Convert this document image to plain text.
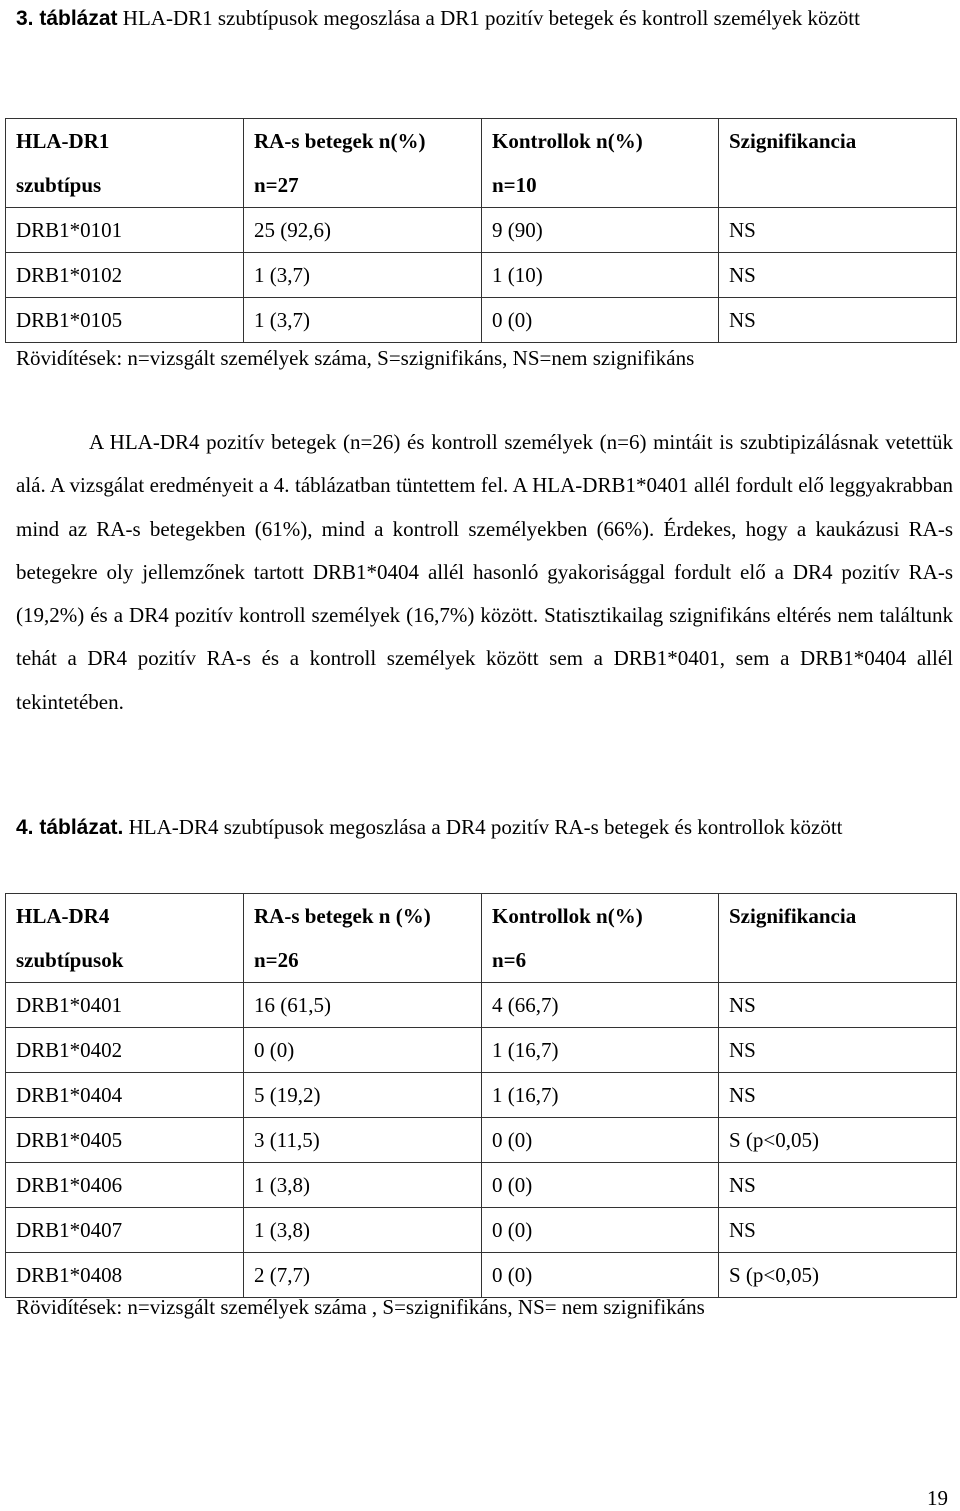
3. táblázat HLA-DR1 szubtípusok megoszlása a DR1 pozitív betegek és kontroll személyek között
HLA-DR1	RA-s betegek n(%)	Kontrollok n(%)	Szignifikancia
szubtípus	n=27	n=10	
DRB1*0101	25 (92,6)	9 (90)	NS
DRB1*0102	1 (3,7)	1 (10)	NS
DRB1*0105	1 (3,7)	0 (0)	NS
Rövidítések: n=vizsgált személyek száma, S=szignifikáns, NS=nem szignifikáns
A HLA-DR4 pozitív betegek (n=26) és kontroll személyek (n=6) mintáit is szubtipizálásnak vetettük alá. A vizsgálat eredményeit a 4. táblázatban tüntettem fel. A HLA-DRB1*0401 allél fordult elő leggyakrabban mind az RA-s betegekben (61%), mind a kontroll személyekben (66%). Érdekes, hogy a kaukázusi RA-s betegekre oly jellemzőnek tartott DRB1*0404 allél hasonló gyakorisággal fordult elő a DR4 pozitív RA-s (19,2%) és a DR4 pozitív kontroll személyek (16,7%) között. Statisztikailag szignifikáns eltérés nem találtunk tehát a DR4 pozitív RA-s és a kontroll személyek között sem a DRB1*0401, sem a DRB1*0404 allél tekintetében.
4. táblázat. HLA-DR4 szubtípusok megoszlása a DR4 pozitív RA-s betegek és kontrollok között
HLA-DR4	RA-s betegek n (%)	Kontrollok n(%)	Szignifikancia
szubtípusok	n=26	n=6	
DRB1*0401	16 (61,5)	4 (66,7)	NS
DRB1*0402	0 (0)	1 (16,7)	NS
DRB1*0404	5 (19,2)	1 (16,7)	NS
DRB1*0405	3 (11,5)	0 (0)	S (p<0,05)
DRB1*0406	1 (3,8)	0 (0)	NS
DRB1*0407	1 (3,8)	0 (0)	NS
DRB1*0408	2 (7,7)	0 (0)	S (p<0,05)
Rövidítések: n=vizsgált személyek száma , S=szignifikáns, NS= nem szignifikáns
19
